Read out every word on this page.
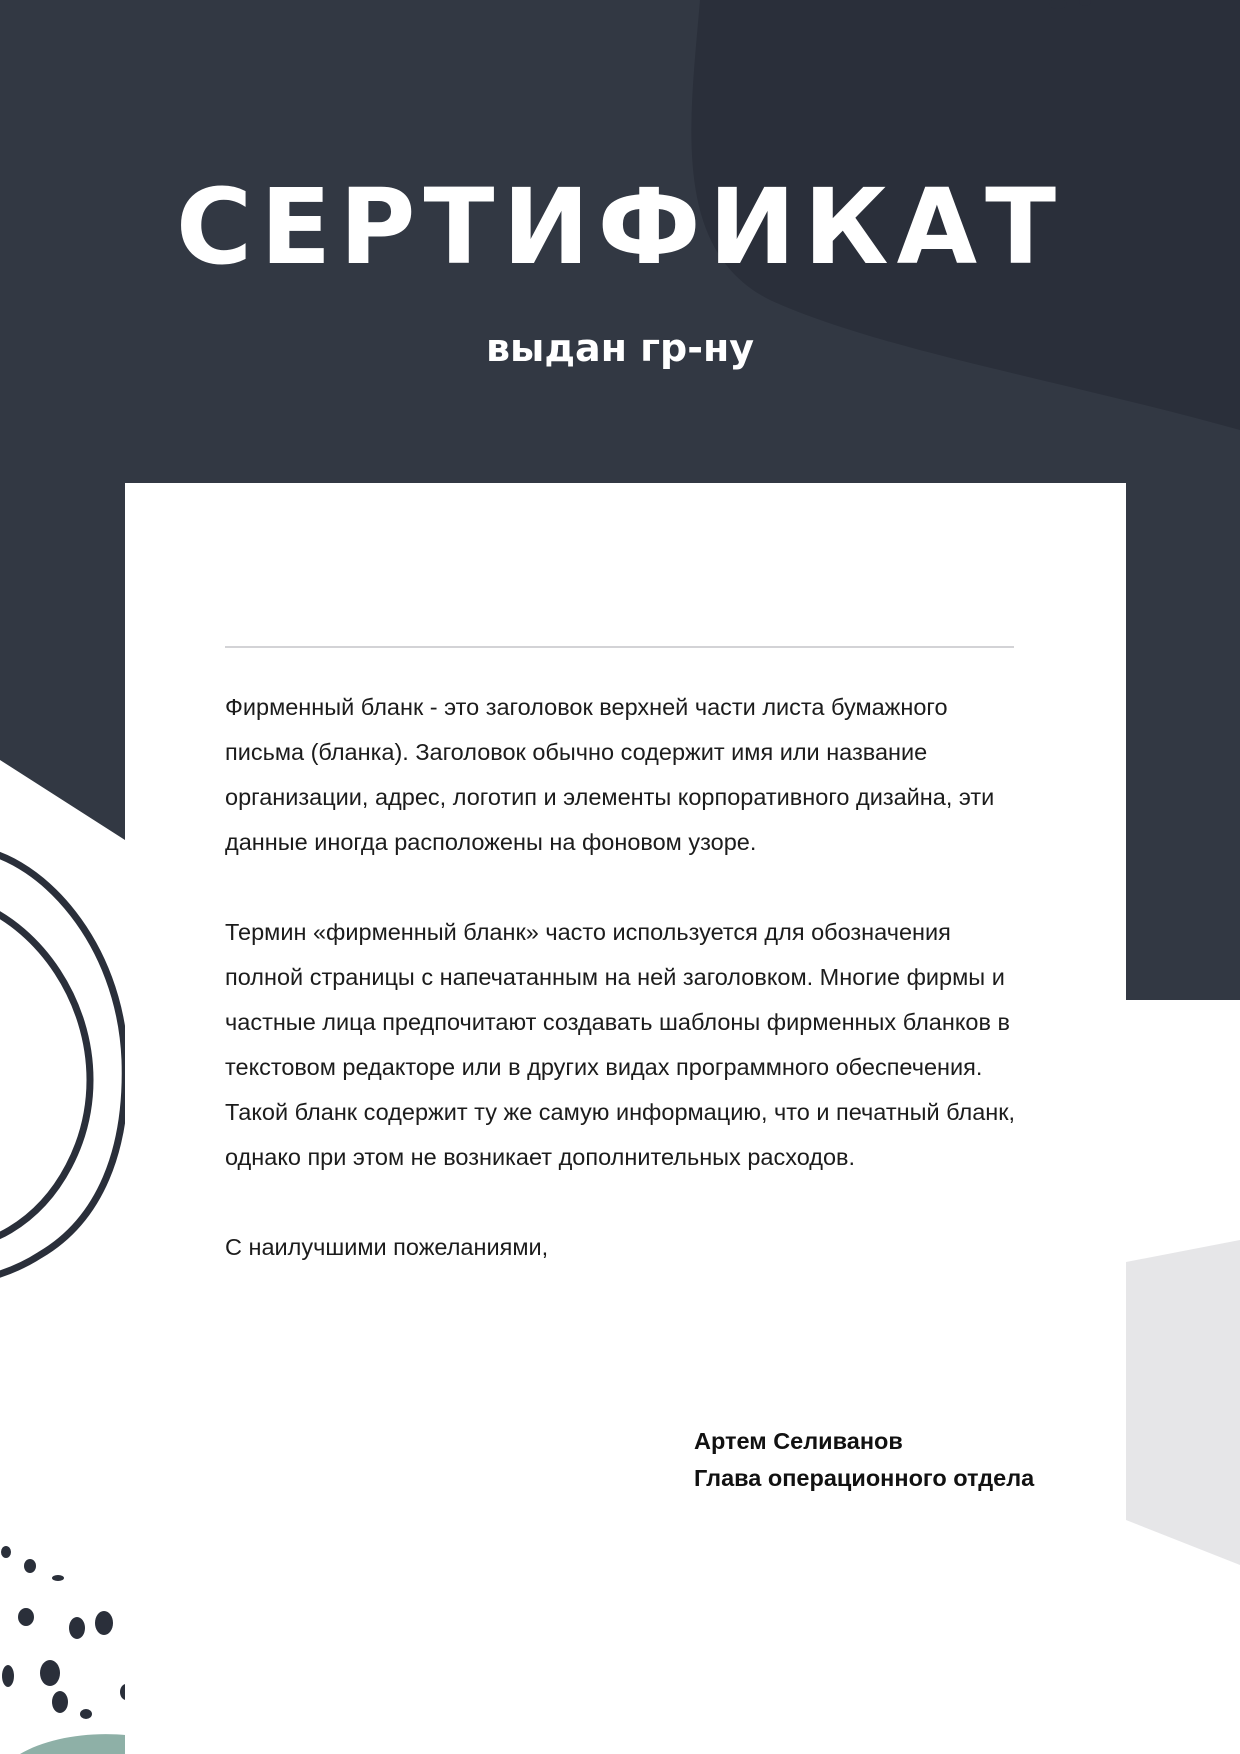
СЕРТИФИКАТ
выдан гр-ну

Фирменный бланк - это заголовок верхней части листа бумажного письма (бланка). Заголовок обычно содержит имя или название организации, адрес, логотип и элементы корпоративного дизайна, эти данные иногда расположены на фоновом узоре.

Термин «фирменный бланк» часто используется для обозначения полной страницы с напечатанным на ней заголовком. Многие фирмы и частные лица предпочитают создавать шаблоны фирменных бланков в текстовом редакторе или в других видах программного обеспечения. Такой бланк содержит ту же самую информацию, что и печатный бланк, однако при этом не возникает дополнительных расходов.

С наилучшими пожеланиями,

Артем Селиванов
Глава операционного отдела
